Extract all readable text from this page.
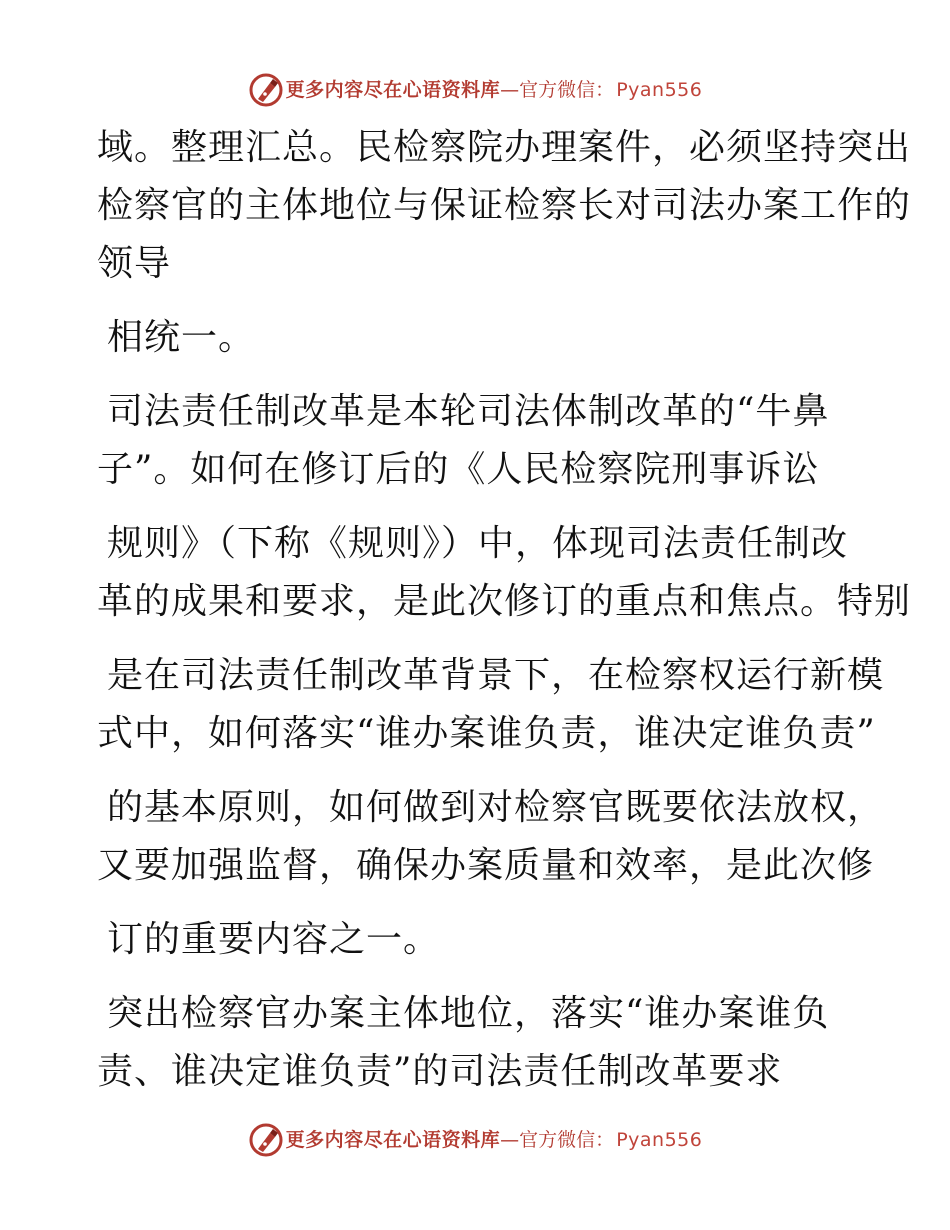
更多内容尽在心语资料库 — 官方微信： Pyan556
域。整理汇总。民检察院办理案件，必须坚持突出
检察官的主体地位与保证检察长对司法办案工作的
领导
相统一。
司法责任制改革是本轮司法体制改革的“牛鼻
子”。如何在修订后的《人民检察院刑事诉讼
规则》（下称《规则》）中，体现司法责任制改
革的成果和要求，是此次修订的重点和焦点。特别
是在司法责任制改革背景下，在检察权运行新模
式中，如何落实“谁办案谁负责，谁决定谁负责”
的基本原则，如何做到对检察官既要依法放权，
又要加强监督，确保办案质量和效率，是此次修
订的重要内容之一。
突出检察官办案主体地位，落实“谁办案谁负
责、谁决定谁负责”的司法责任制改革要求
更多内容尽在心语资料库 — 官方微信： Pyan556
